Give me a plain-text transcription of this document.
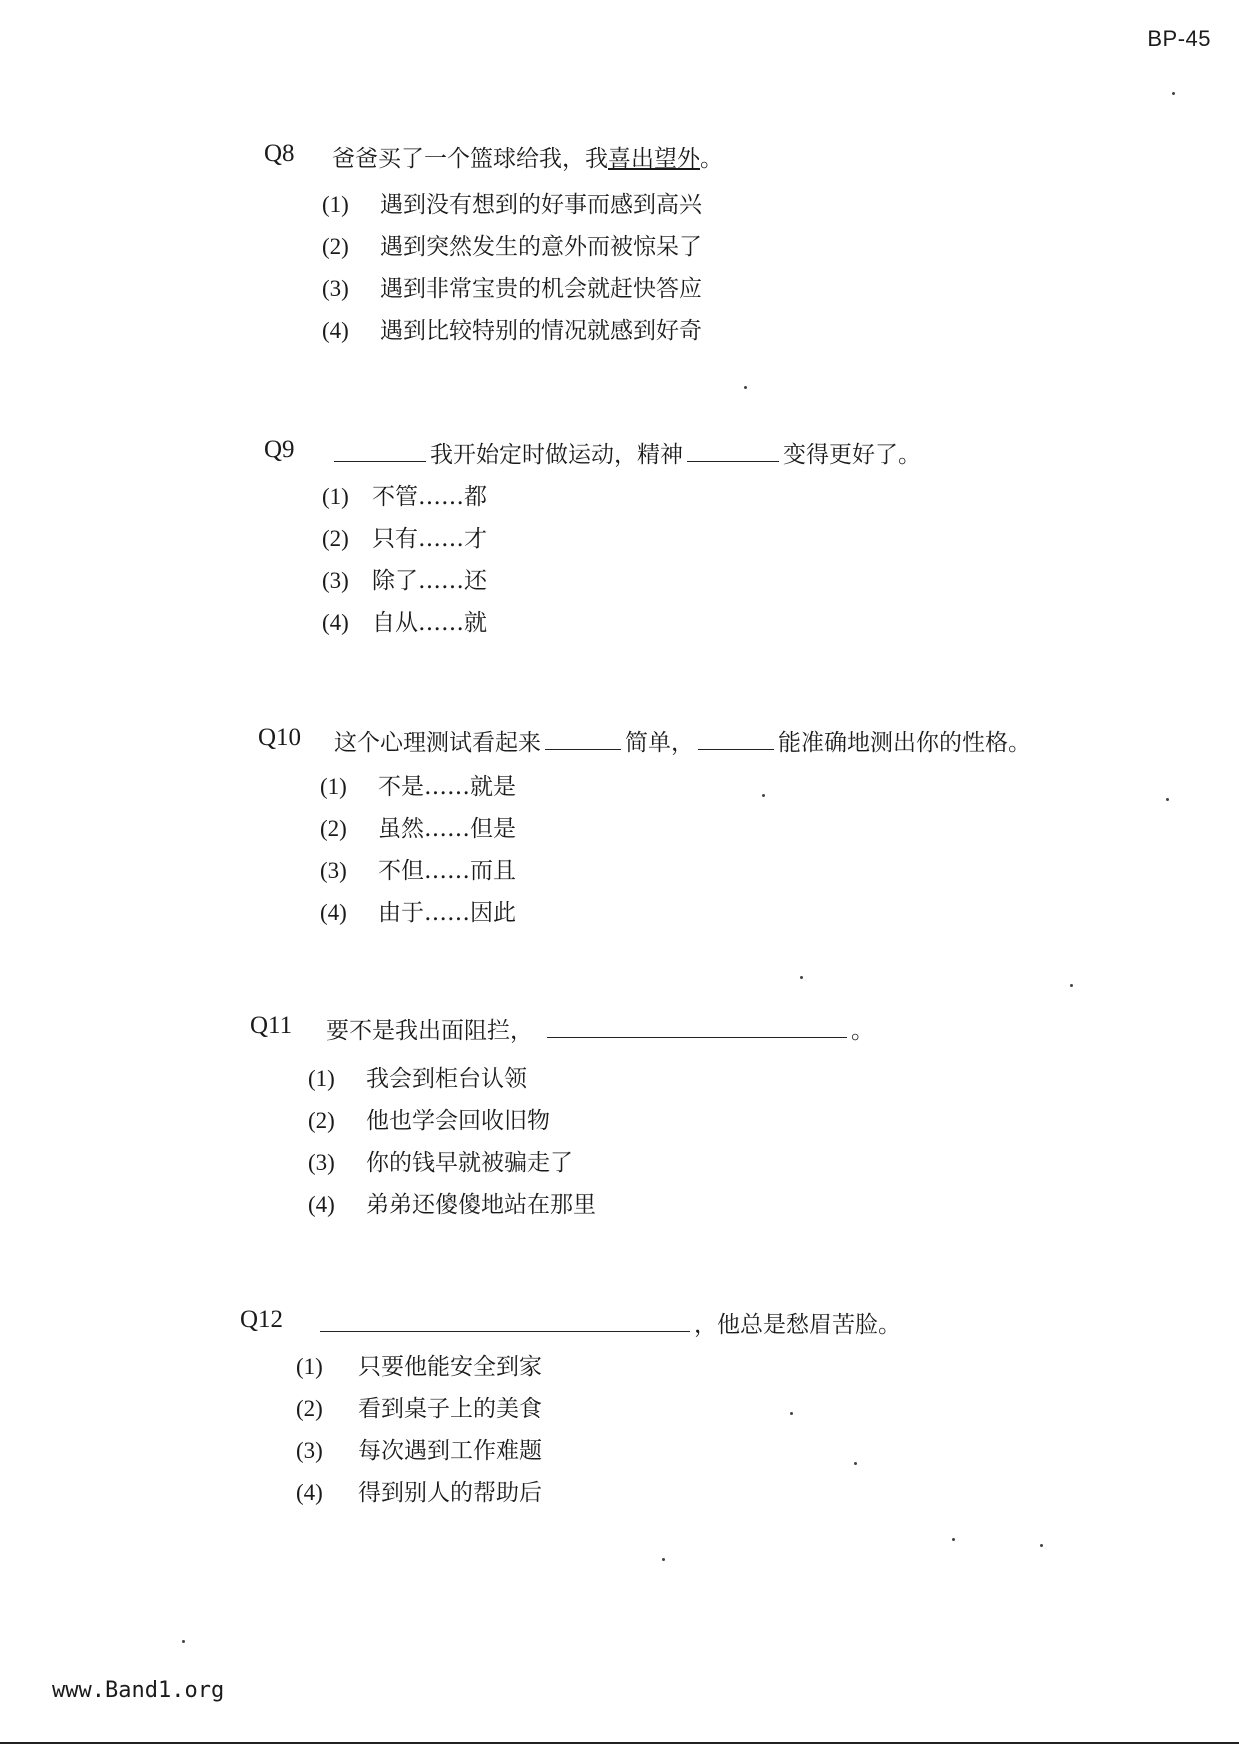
BP-45
Q8 爸爸买了一个篮球给我，我喜出望外。
(1) 遇到没有想到的好事而感到高兴
(2) 遇到突然发生的意外而被惊呆了
(3) 遇到非常宝贵的机会就赶快答应
(4) 遇到比较特别的情况就感到好奇
Q9	我开始定时做运动，精神	变得更好了。
(1) 不管……都
(2) 只有……才
(3) 除了……还
(4) 自从……就
Q10 这个心理测试看起来	简单，	能准确地测出你的性格。
(1) 不是……就是
(2) 虽然……但是
(3) 不但……而且
(4) 由于……因此
Q11 要不是我出面阻拦，	。
(1) 我会到柜台认领
(2) 他也学会回收旧物
(3) 你的钱早就被骗走了
(4) 弟弟还傻傻地站在那里
Q12	，他总是愁眉苦脸。
(1) 只要他能安全到家
(2) 看到桌子上的美食
(3) 每次遇到工作难题
(4) 得到别人的帮助后
www.Band1.org
